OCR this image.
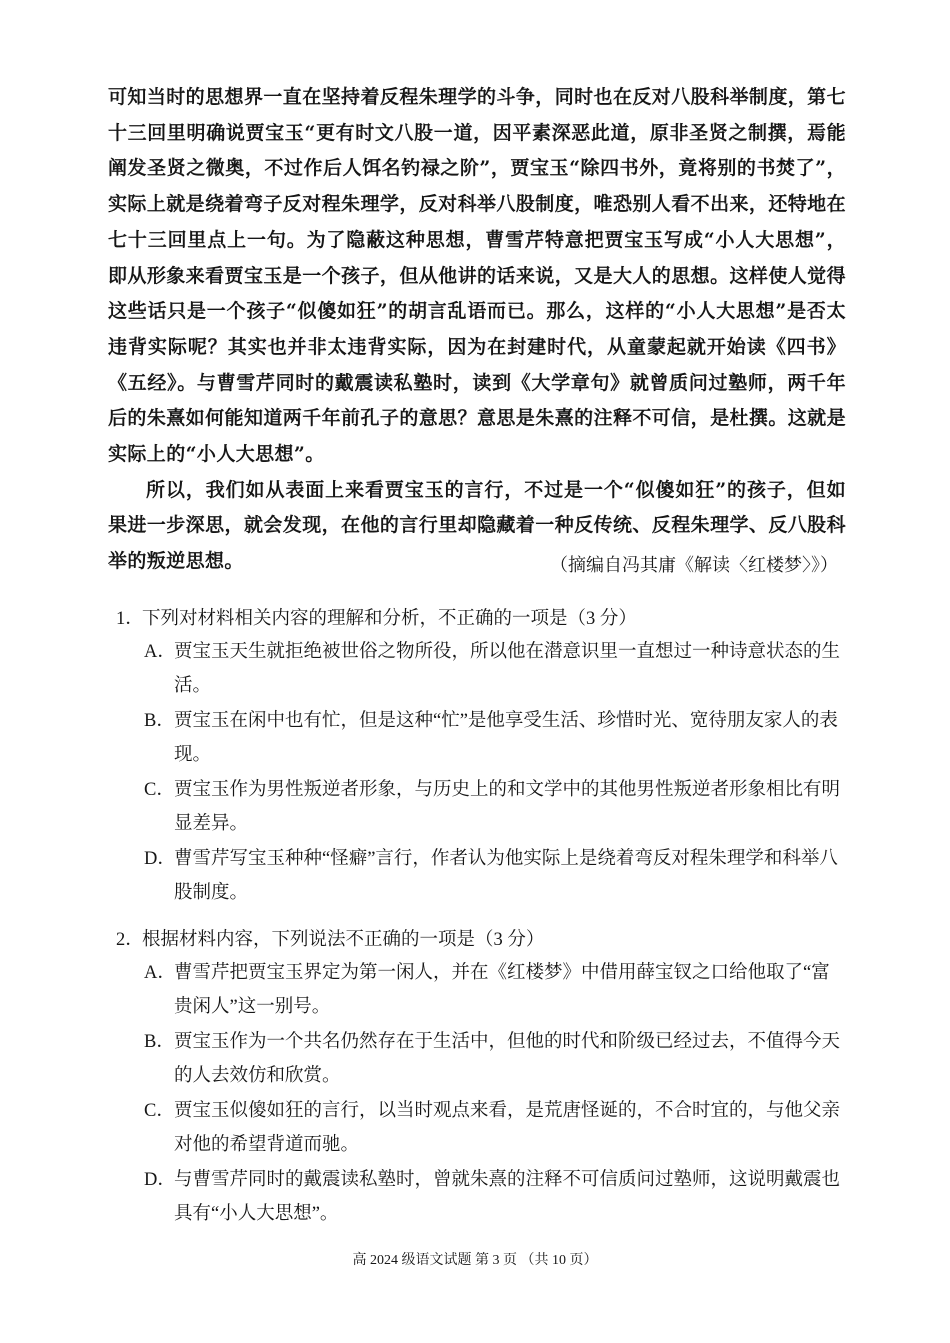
可知当时的思想界一直在坚持着反程朱理学的斗争，同时也在反对八股科举制度，第七十三回里明确说贾宝玉“更有时文八股一道，因平素深恶此道，原非圣贤之制撰，焉能阐发圣贤之微奥，不过作后人饵名钓禄之阶”，贾宝玉“除四书外，竟将别的书焚了”，实际上就是绕着弯子反对程朱理学，反对科举八股制度，唯恐别人看不出来，还特地在七十三回里点上一句。为了隐蔽这种思想，曹雪芹特意把贾宝玉写成“小人大思想”，即从形象来看贾宝玉是一个孩子，但从他讲的话来说，又是大人的思想。这样使人觉得这些话只是一个孩子“似傻如狂”的胡言乱语而已。那么，这样的“小人大思想”是否太违背实际呢？其实也并非太违背实际，因为在封建时代，从童蒙起就开始读《四书》《五经》。与曹雪芹同时的戴震读私塾时，读到《大学章句》就曾质问过塾师，两千年后的朱熹如何能知道两千年前孔子的意思？意思是朱熹的注释不可信，是杜撰。这就是实际上的“小人大思想”。

所以，我们如从表面上来看贾宝玉的言行，不过是一个“似傻如狂”的孩子，但如果进一步深思，就会发现，在他的言行里却隐藏着一种反传统、反程朱理学、反八股科举的叛逆思想。	（摘编自冯其庸《解读〈红楼梦〉》）
1．下列对材料相关内容的理解和分析，不正确的一项是（3 分）
A．
贾宝玉天生就拒绝被世俗之物所役，所以他在潜意识里一直想过一种诗意状态的生活。
B． 贾宝玉在闲中也有忙，但是这种“忙”是他享受生活、珍惜时光、宽待朋友家人的表现。
C． 贾宝玉作为男性叛逆者形象，与历史上的和文学中的其他男性叛逆者形象相比有明显差异。
D．
曹雪芹写宝玉种种“怪癖”言行，作者认为他实际上是绕着弯反对程朱理学和科举八股制度。
2．根据材料内容，下列说法不正确的一项是（3 分）
A．
曹雪芹把贾宝玉界定为第一闲人，并在《红楼梦》中借用薛宝钗之口给他取了“富贵闲人”这一别号。
B． 贾宝玉作为一个共名仍然存在于生活中，但他的时代和阶级已经过去，不值得今天的人去效仿和欣赏。
C． 贾宝玉似傻如狂的言行，以当时观点来看，是荒唐怪诞的，不合时宜的，与他父亲对他的希望背道而驰。
D．
与曹雪芹同时的戴震读私塾时，曾就朱熹的注释不可信质问过塾师，这说明戴震也具有“小人大思想”。
高 2024 级语文试题 第 3 页 （共 10 页）
